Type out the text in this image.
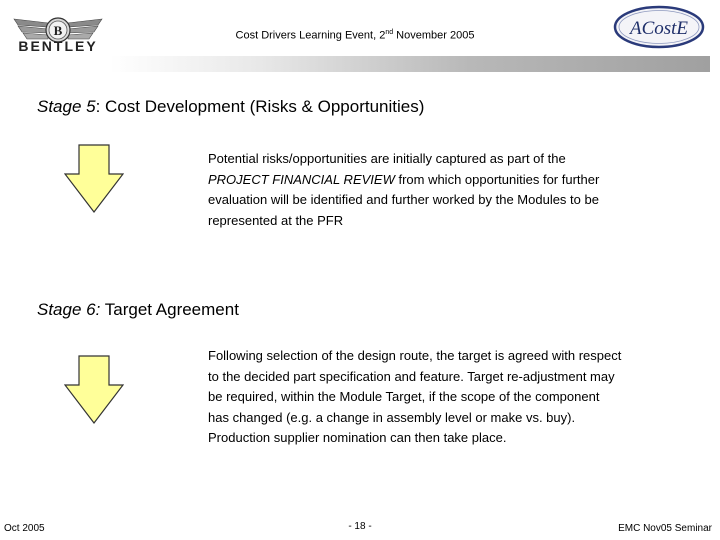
B
BENTLEY
Cost Drivers Learning Event, 2nd November 2005	ACostE
Stage 5: Cost Development (Risks & Opportunities)
Potential risks/opportunities are initially captured as part of the PROJECT FINANCIAL REVIEW from which opportunities for further evaluation will be identified and further worked by the Modules to be represented at the PFR
Stage 6: Target Agreement
Following selection of the design route, the target is agreed with respect to the decided part specification and feature. Target re-adjustment may be required, within the Module Target, if the scope of the component has changed (e.g. a change in assembly level or make vs. buy). Production supplier nomination can then take place.
Oct 2005	- 18 -	EMC Nov05 Seminar
